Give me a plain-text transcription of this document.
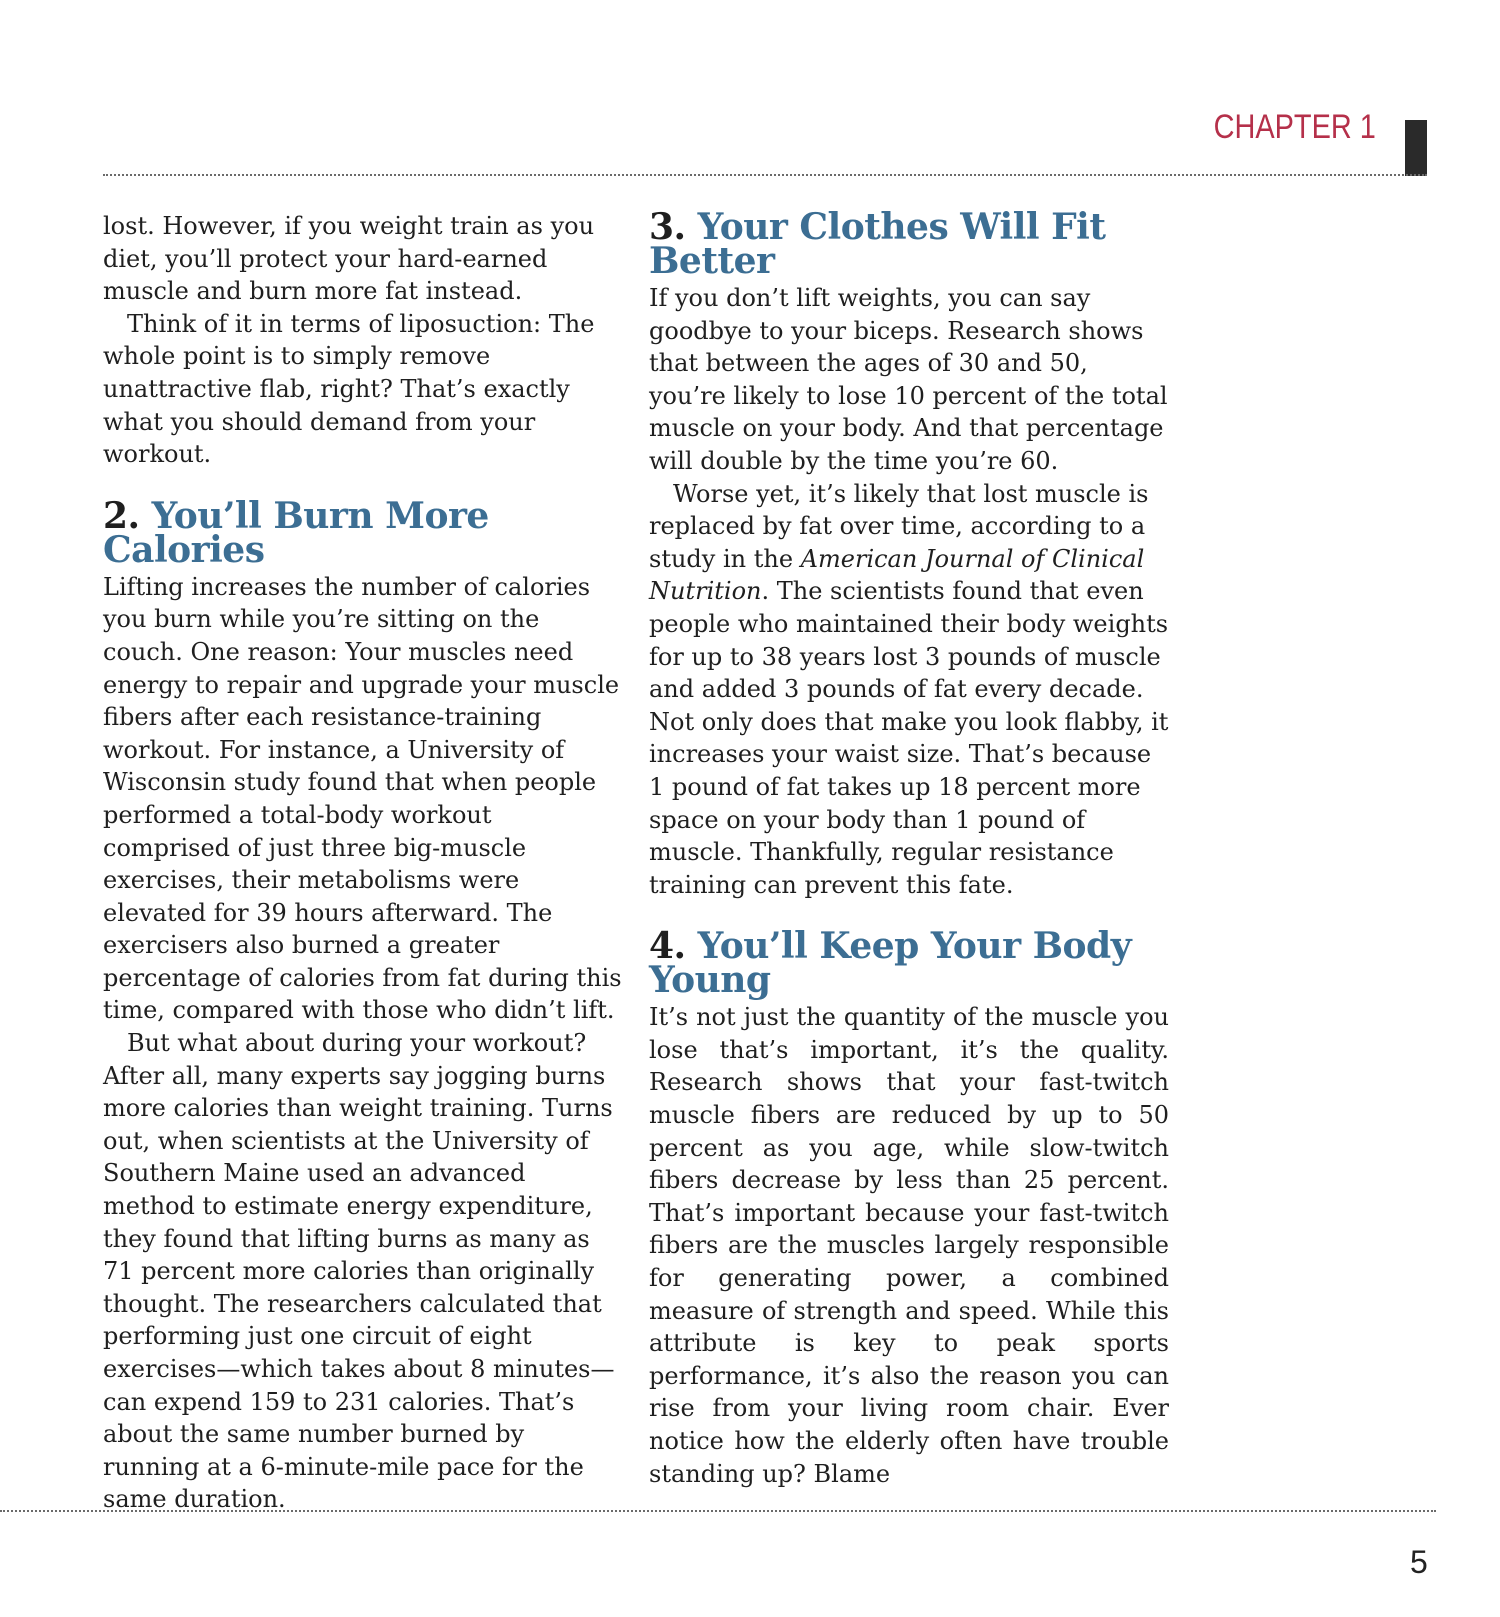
CHAPTER 1

lost. However, if you weight train as you diet, you’ll protect your hard-earned muscle and burn more fat instead.

Think of it in terms of liposuction: The whole point is to simply remove unattractive flab, right? That’s exactly what you should demand from your workout.

2. You’ll Burn More Calories

Lifting increases the number of calories you burn while you’re sitting on the couch. One reason: Your muscles need energy to repair and upgrade your muscle fibers after each resistance-training workout. For instance, a University of Wisconsin study found that when people performed a total-body workout comprised of just three big-muscle exercises, their metabolisms were elevated for 39 hours afterward. The exercisers also burned a greater percentage of calories from fat during this time, compared with those who didn’t lift.

But what about during your workout? After all, many experts say jogging burns more calories than weight training. Turns out, when scientists at the University of Southern Maine used an advanced method to estimate energy expenditure, they found that lifting burns as many as 71 percent more calories than originally thought. The researchers calculated that performing just one circuit of eight exercises—which takes about 8 minutes—can expend 159 to 231 calories. That’s about the same number burned by running at a 6-minute-mile pace for the same duration.

3. Your Clothes Will Fit Better

If you don’t lift weights, you can say goodbye to your biceps. Research shows that between the ages of 30 and 50, you’re likely to lose 10 percent of the total muscle on your body. And that percentage will double by the time you’re 60.

Worse yet, it’s likely that lost muscle is replaced by fat over time, according to a study in the American Journal of Clinical Nutrition. The scientists found that even people who maintained their body weights for up to 38 years lost 3 pounds of muscle and added 3 pounds of fat every decade. Not only does that make you look flabby, it increases your waist size. That’s because 1 pound of fat takes up 18 percent more space on your body than 1 pound of muscle. Thankfully, regular resistance training can prevent this fate.

4. You’ll Keep Your Body Young

It’s not just the quantity of the muscle you lose that’s important, it’s the quality. Research shows that your fast-twitch muscle fibers are reduced by up to 50 percent as you age, while slow-twitch fibers decrease by less than 25 percent. That’s important because your fast-twitch fibers are the muscles largely responsible for generating power, a combined measure of strength and speed. While this attribute is key to peak sports performance, it’s also the reason you can rise from your living room chair. Ever notice how the elderly often have trouble standing up? Blame

5
